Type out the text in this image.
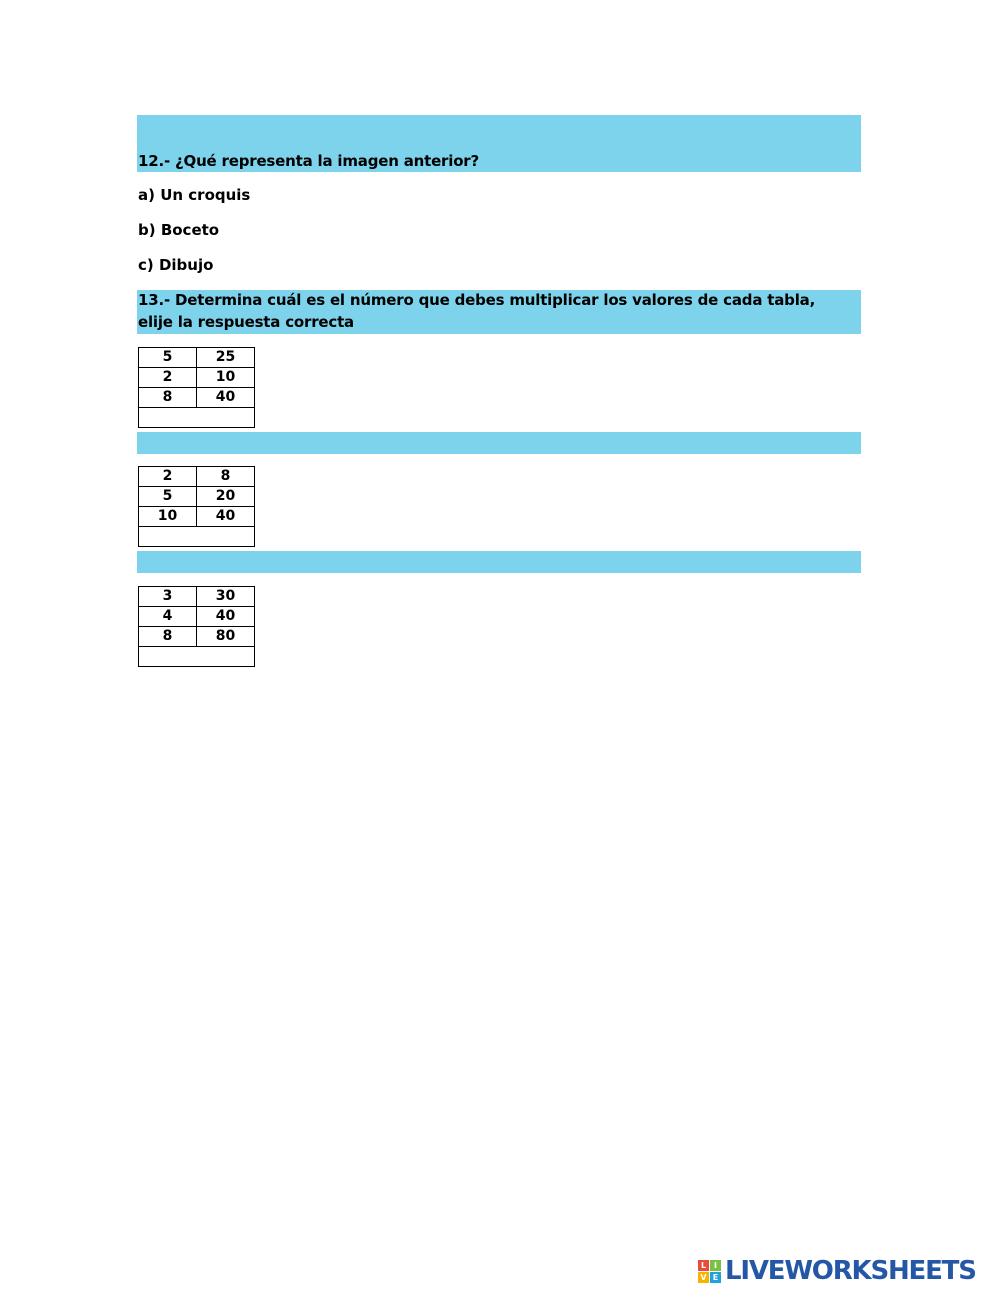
12.- ¿Qué representa la imagen anterior?
a) Un croquis
b) Boceto
c) Dibujo
13.- Determina cuál es el número que debes multiplicar los valores de cada tabla, elije la respuesta correcta
5	25
2	10
8	40

2	8
5	20
10	40

3	30
4	40
8	80

L I
V E LIVEWORKSHEETS
